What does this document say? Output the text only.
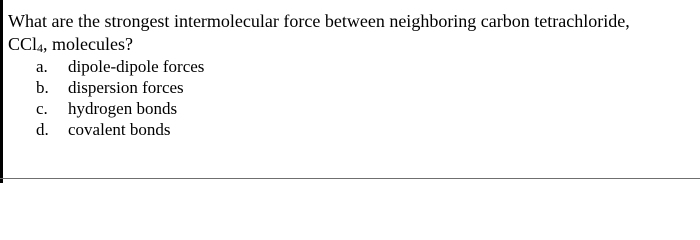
What are the strongest intermolecular force between neighboring carbon tetrachloride,
CCl4, molecules?
a.	dipole-dipole forces
b.	dispersion forces
c.	hydrogen bonds
d.	covalent bonds
